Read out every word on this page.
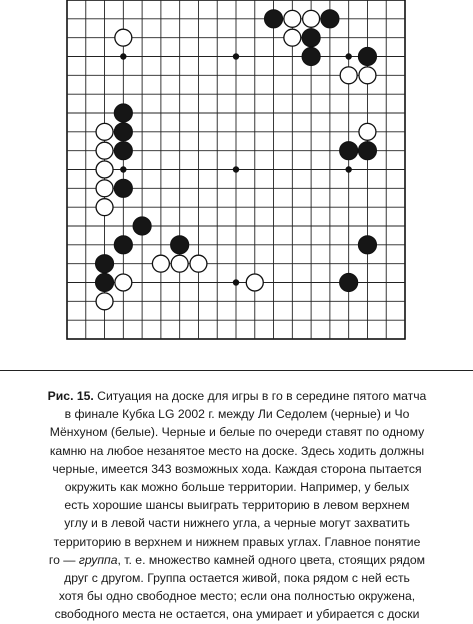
Рис. 15. Ситуация на доске для игры в го в середине пятого матча
в финале Кубка LG 2002 г. между Ли Седолем (черные) и Чо
Мёнхуном (белые). Черные и белые по очереди ставят по одному
камню на любое незанятое место на доске. Здесь ходить должны
черные, имеется 343 возможных хода. Каждая сторона пытается
окружить как можно больше территории. Например, у белых
есть хорошие шансы выиграть территорию в левом верхнем
углу и в левой части нижнего угла, а черные могут захватить
территорию в верхнем и нижнем правых углах. Главное понятие
го — группа, т. е. множество камней одного цвета, стоящих рядом
друг с другом. Группа остается живой, пока рядом с ней есть
хотя бы одно свободное место; если она полностью окружена,
свободного места не остается, она умирает и убирается с доски
